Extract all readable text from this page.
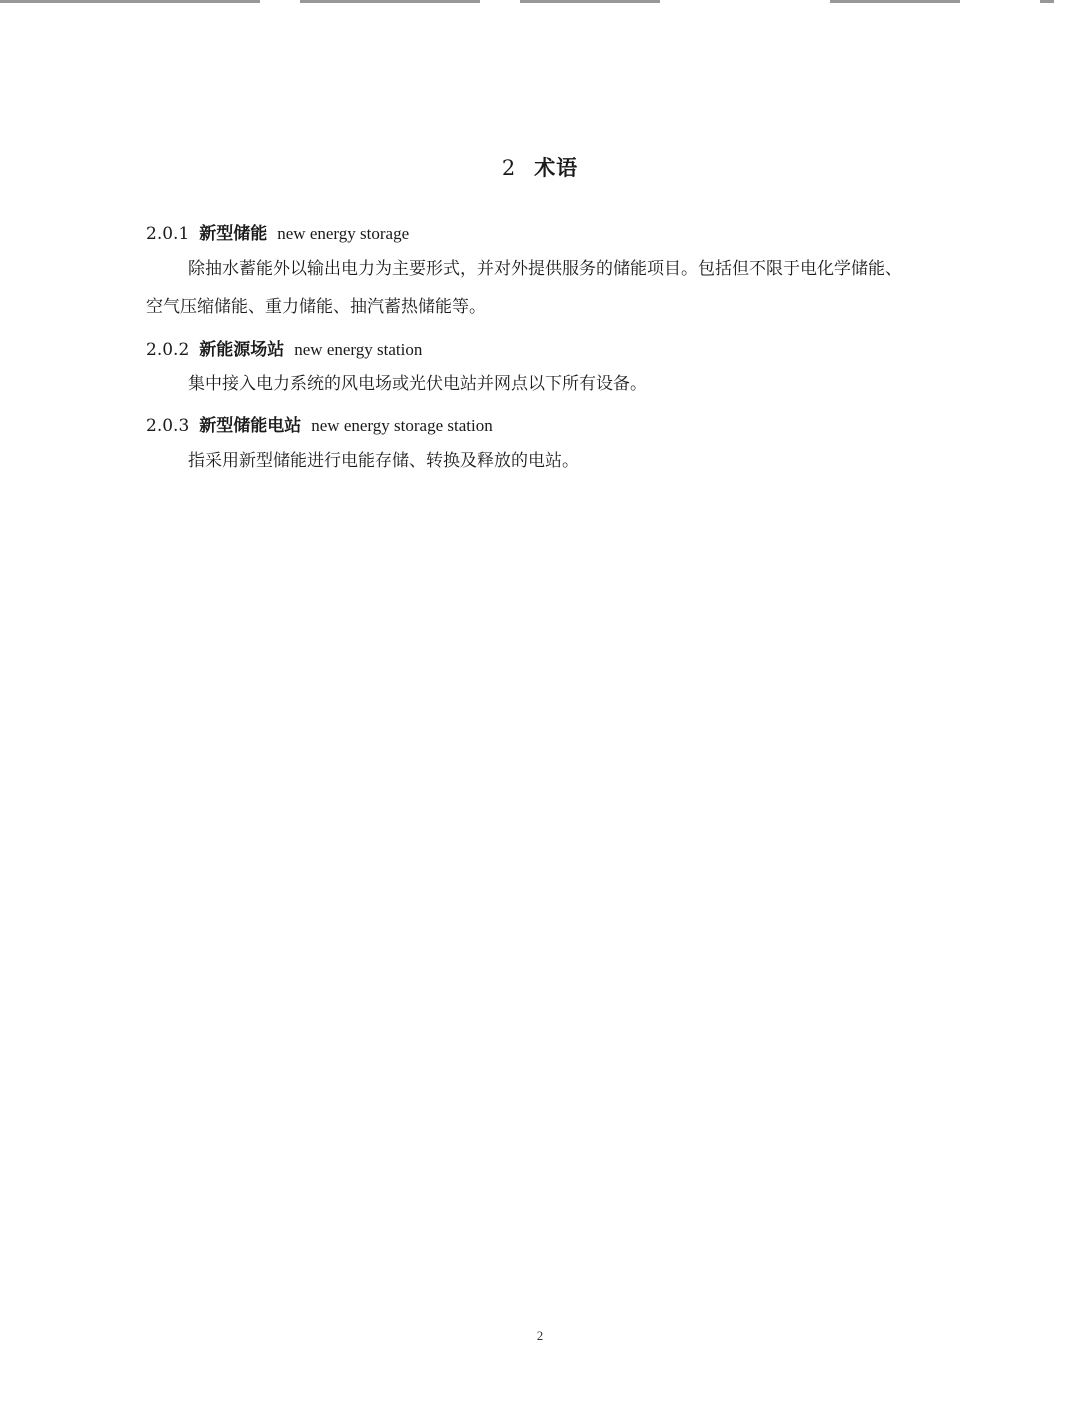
2 术语
2.0.1 新型储能 new energy storage
除抽水蓄能外以输出电力为主要形式，并对外提供服务的储能项目。包括但不限于电化学储能、空气压缩储能、重力储能、抽汽蓄热储能等。
2.0.2 新能源场站 new energy station
集中接入电力系统的风电场或光伏电站并网点以下所有设备。
2.0.3 新型储能电站 new energy storage station
指采用新型储能进行电能存储、转换及释放的电站。
2
